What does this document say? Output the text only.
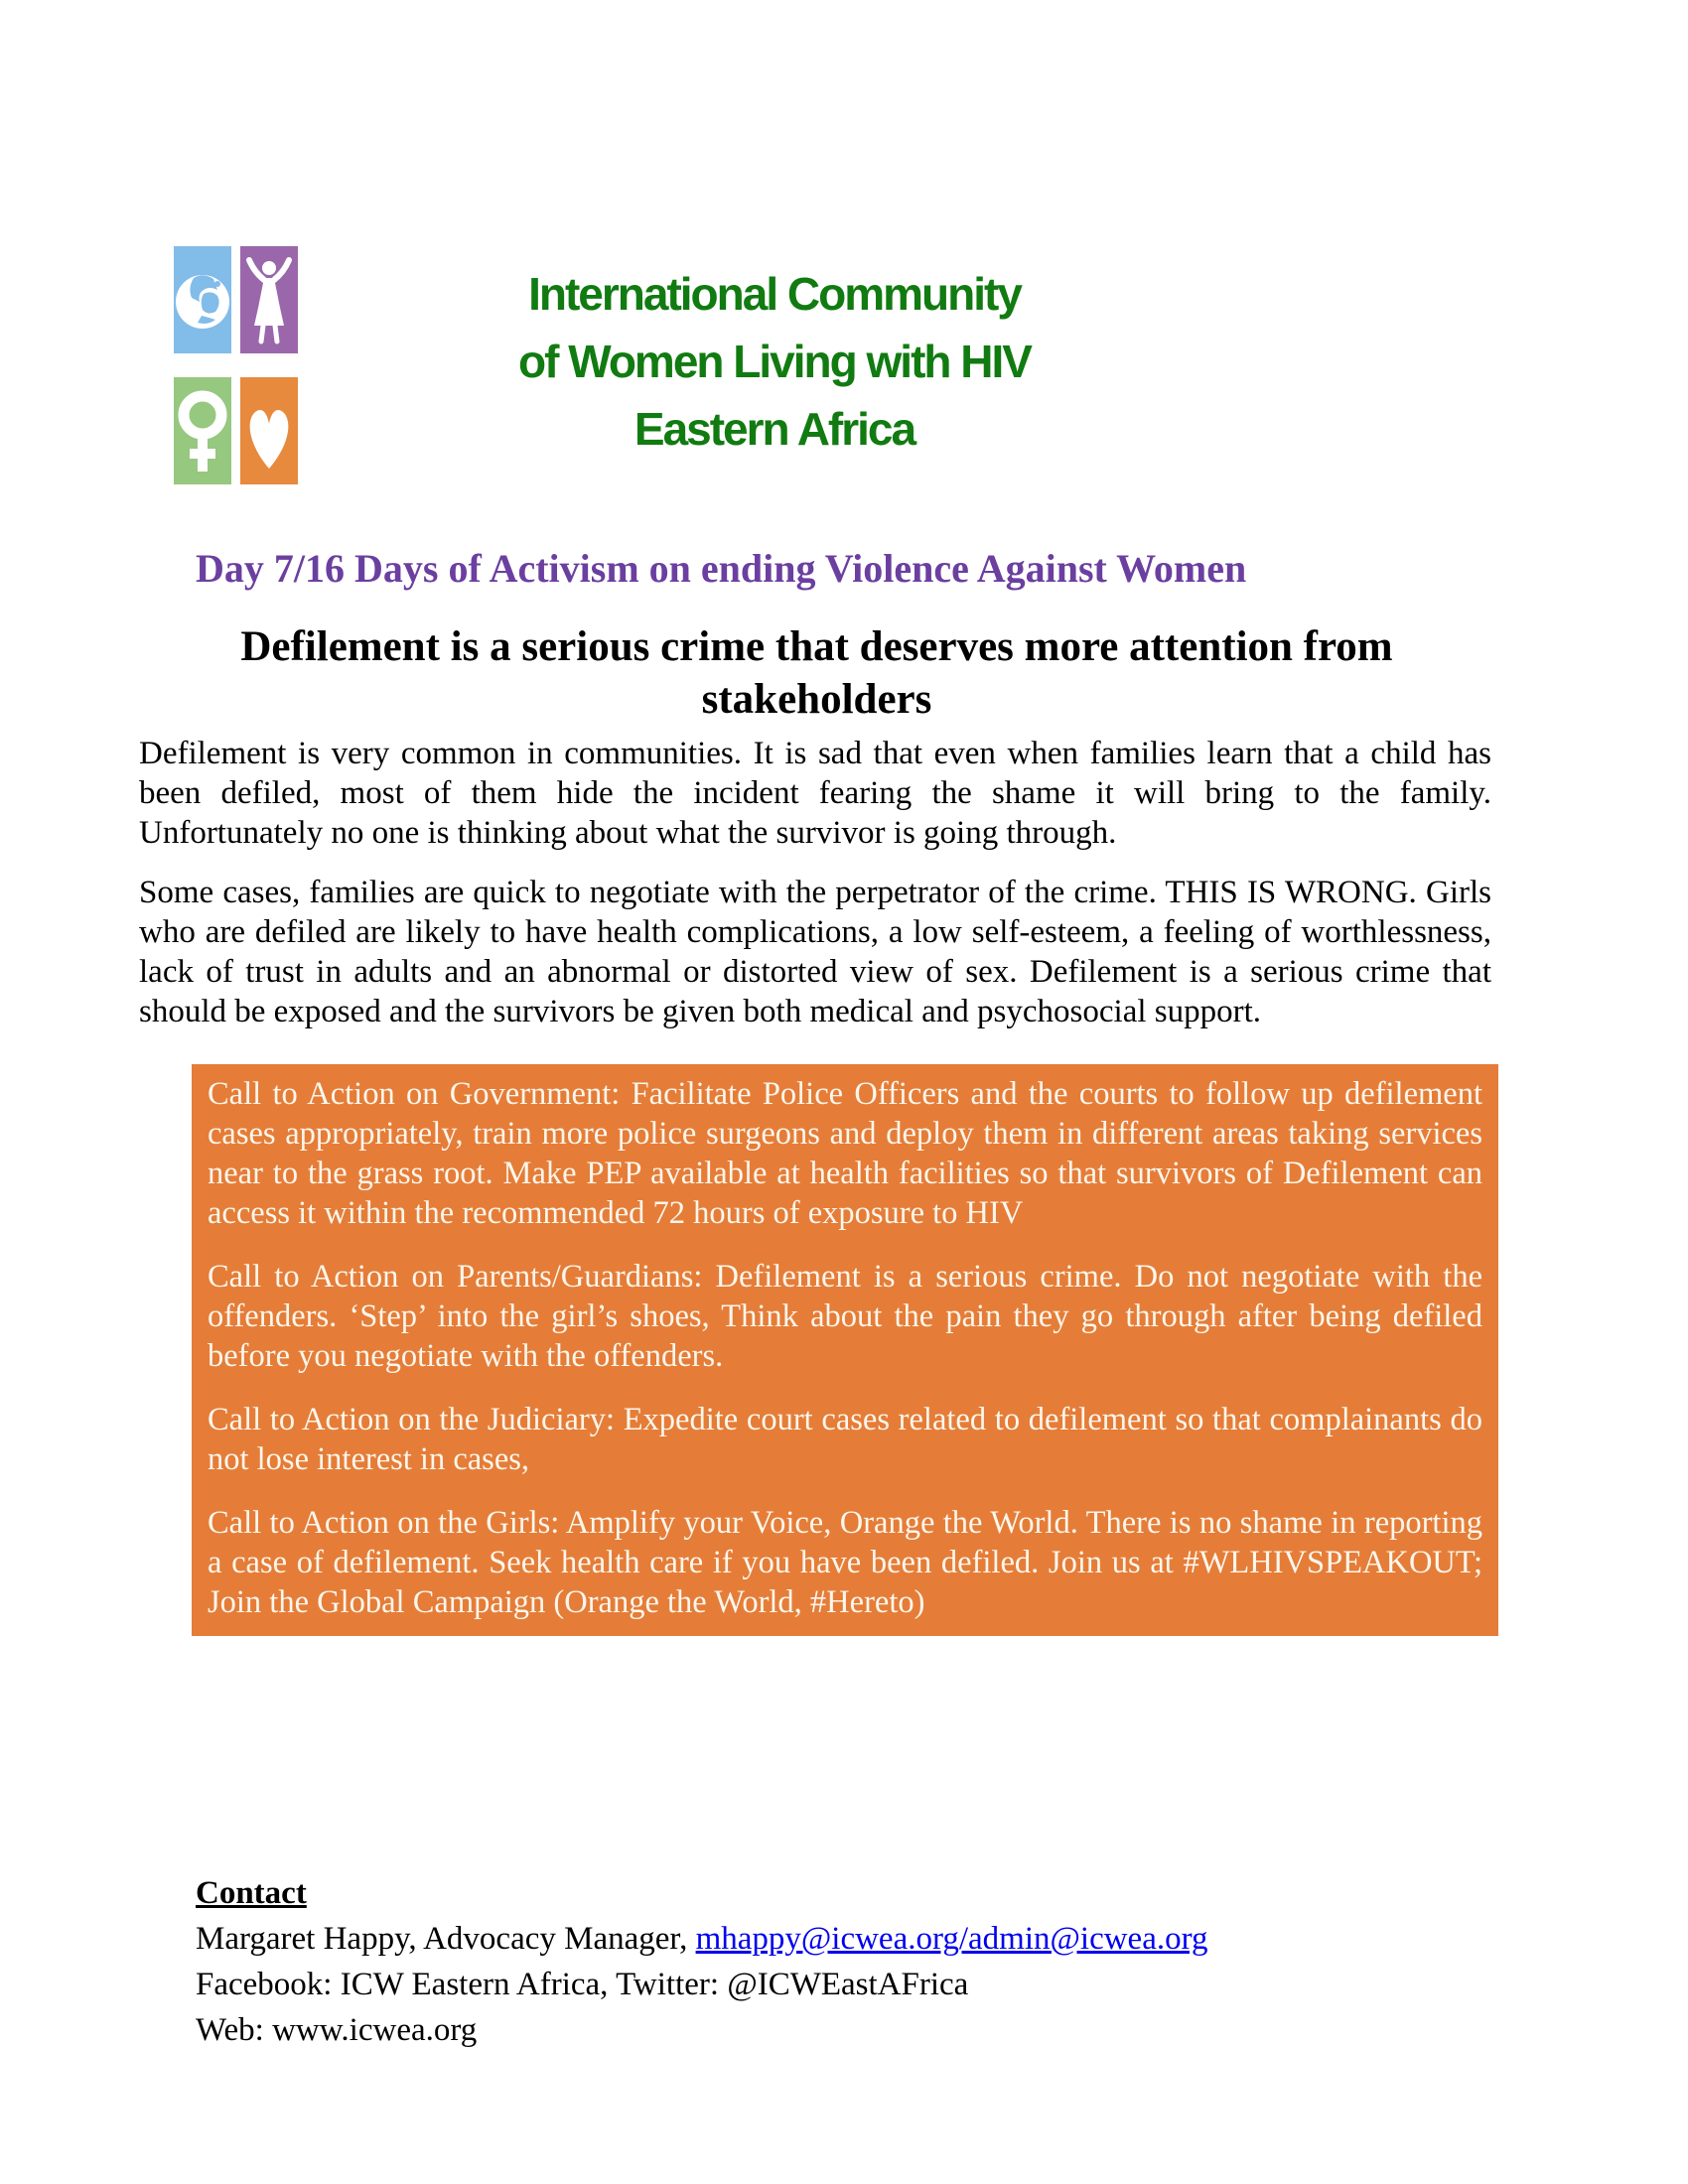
International Community
of Women Living with HIV
Eastern Africa
Day 7/16 Days of Activism on ending Violence Against Women
Defilement is a serious crime that deserves more attention from
stakeholders
Defilement is very common in communities. It is sad that even when families learn that a child has been defiled, most of them hide the incident fearing the shame it will bring to the family. Unfortunately no one is thinking about what the survivor is going through.
Some cases, families are quick to negotiate with the perpetrator of the crime. THIS IS WRONG. Girls who are defiled are likely to have health complications, a low self-esteem, a feeling of worthlessness, lack of trust in adults and an abnormal or distorted view of sex. Defilement is a serious crime that should be exposed and the survivors be given both medical and psychosocial support.

Call to Action on Government: Facilitate Police Officers and the courts to follow up defilement cases appropriately, train more police surgeons and deploy them in different areas taking services near to the grass root. Make PEP available at health facilities so that survivors of Defilement can access it within the recommended 72 hours of exposure to HIV

Call to Action on Parents/Guardians: Defilement is a serious crime. Do not negotiate with the offenders. ‘Step’ into the girl’s shoes, Think about the pain they go through after being defiled before you negotiate with the offenders.

Call to Action on the Judiciary: Expedite court cases related to defilement so that complainants do not lose interest in cases,

Call to Action on the Girls: Amplify your Voice, Orange the World. There is no shame in reporting a case of defilement. Seek health care if you have been defiled. Join us at #WLHIVSPEAKOUT; Join the Global Campaign (Orange the World, #Hereto)

Contact
Margaret Happy, Advocacy Manager, mhappy@icwea.org/admin@icwea.org
Facebook: ICW Eastern Africa, Twitter: @ICWEastAFrica
Web: www.icwea.org
